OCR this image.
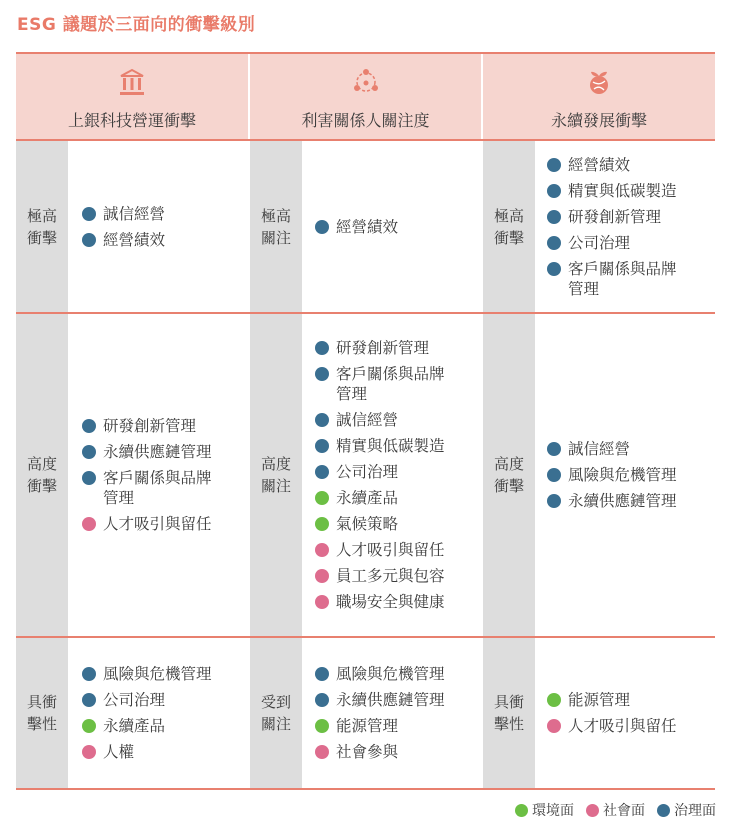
ESG 議題於三面向的衝擊級別
上銀科技營運衝擊	利害關係人關注度	永續發展衝擊
極高衝擊
誠信經營
經營績效
極高關注
經營績效
極高衝擊
經營績效
精實與低碳製造
研發創新管理
公司治理
客戶關係與品牌管理
高度衝擊
研發創新管理
永續供應鏈管理
客戶關係與品牌管理
人才吸引與留任
高度關注
研發創新管理
客戶關係與品牌管理
誠信經營
精實與低碳製造
公司治理
永續產品
氣候策略
人才吸引與留任
員工多元與包容
職場安全與健康
高度衝擊
誠信經營
風險與危機管理
永續供應鏈管理
具衝擊性
風險與危機管理
公司治理
永續產品
人權
受到關注
風險與危機管理
永續供應鏈管理
能源管理
社會參與
具衝擊性
能源管理
人才吸引與留任
環境面 社會面 治理面
